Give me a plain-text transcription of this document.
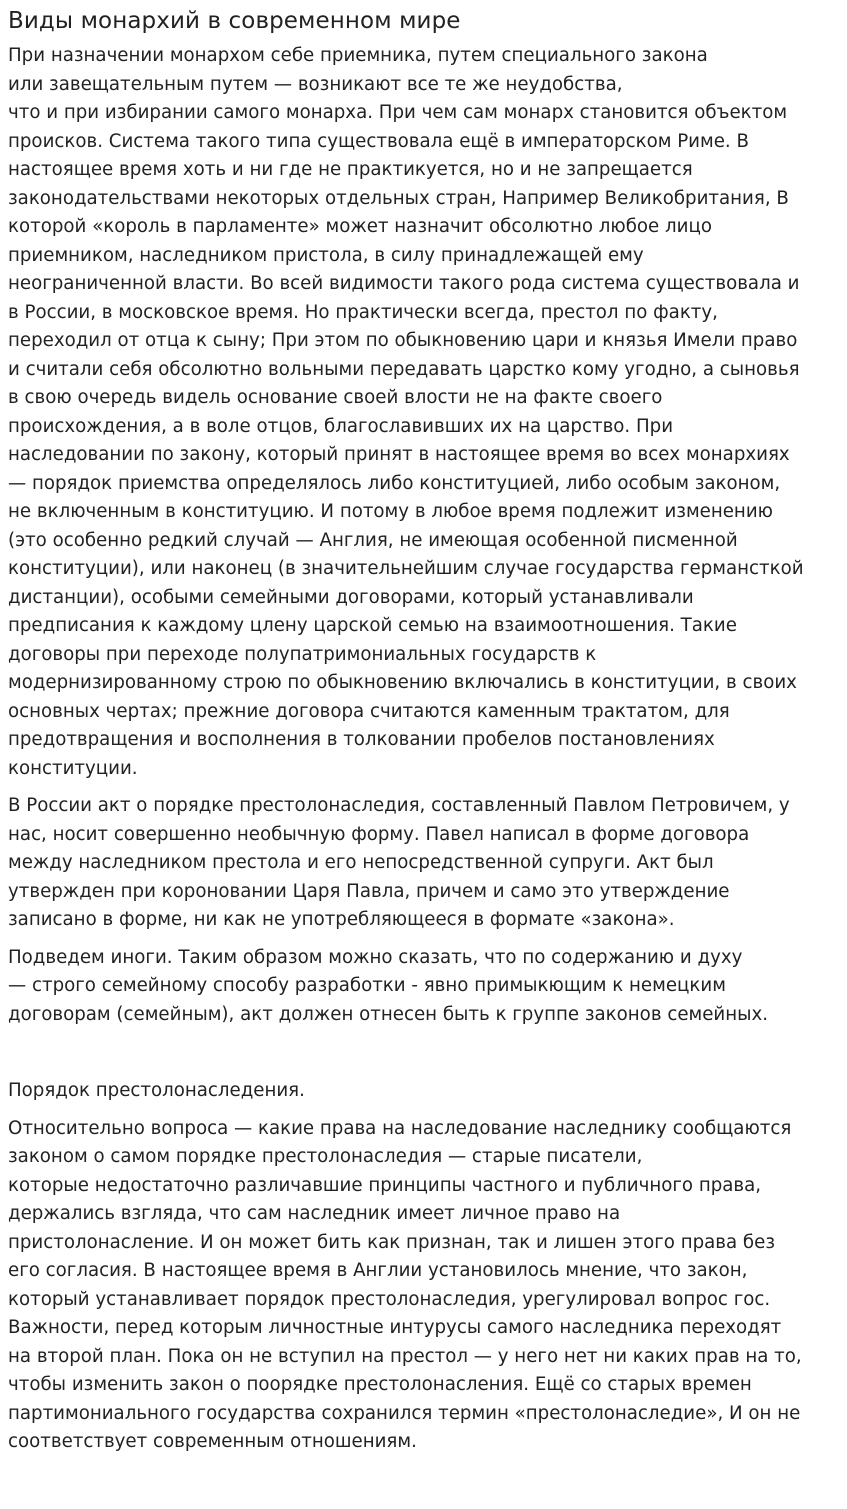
Виды монархий в современном мире

При назначении монархом себе приемника, путем специального закона
или завещательным путем — возникают все те же неудобства,
что и при избирании самого монарха. При чем сам монарх становится объектом
происков. Система такого типа существовала ещё в императорском Риме. В
настоящее время хоть и ни где не практикуется, но и не запрещается
законодательствами некоторых отдельных стран, Например Великобритания, В
которой «король в парламенте» может назначит обсолютно любое лицо
приемником, наследником пристола, в силу принадлежащей ему
неограниченной власти. Во всей видимости такого рода система существовала и
в России, в московское время. Но практически всегда, престол по факту,
переходил от отца к сыну; При этом по обыкновению цари и князья Имели право
и считали себя обсолютно вольными передавать царстко кому угодно, а сыновья
в свою очередь видель основание своей влости не на факте своего
происхождения, а в воле отцов, благославивших их на царство. При
наследовании по закону, который принят в настоящее время во всех монархиях
— порядок приемства определялось либо конституцией, либо особым законом,
не включенным в конституцию. И потому в любое время подлежит изменению
(это особенно редкий случай — Англия, не имеющая особенной писменной
конституции), или наконец (в значительнейшим случае государства германсткой
дистанции), особыми семейными договорами, который устанавливали
предписания к каждому цлену царской семью на взаимоотношения. Такие
договоры при переходе полупатримониальных государств к
модернизированному строю по обыкновению включались в конституции, в своих
основных чертах; прежние договора считаются каменным трактатом, для
предотвращения и восполнения в толковании пробелов постановлениях
конституции.

В России акт о порядке престолонаследия, составленный Павлом Петровичем, у
нас, носит совершенно необычную форму. Павел написал в форме договора
между наследником престола и его непосредственной супруги. Акт был
утвержден при короновании Царя Павла, причем и само это утверждение
записано в форме, ни как не употребляющееся в формате «закона».

Подведем иноги. Таким образом можно сказать, что по содержанию и духу
— строго семейному способу разработки - явно примыкющим к немецким
договорам (семейным), акт должен отнесен быть к группе законов семейных.

Порядок престолонаследения.

Относительно вопроса — какие права на наследование наследнику сообщаются
законом о самом порядке престолонаследия — старые писатели,
которые недостаточно различавшие принципы частного и публичного права,
держались взгляда, что сам наследник имеет личное право на
пристолонасление. И он может бить как признан, так и лишен этого права без
его согласия. В настоящее время в Англии установилось мнение, что закон,
который устанавливает порядок престолонаследия, урегулировал вопрос гос.
Важности, перед которым личностные интурусы самого наследника переходят
на второй план. Пока он не вступил на престол — у него нет ни каких прав на то,
чтобы изменить закон о поорядке престолонасления. Ещё со старых времен
партимониального государства сохранился термин «престолонаследие», И он не
соответствует современным отношениям.
